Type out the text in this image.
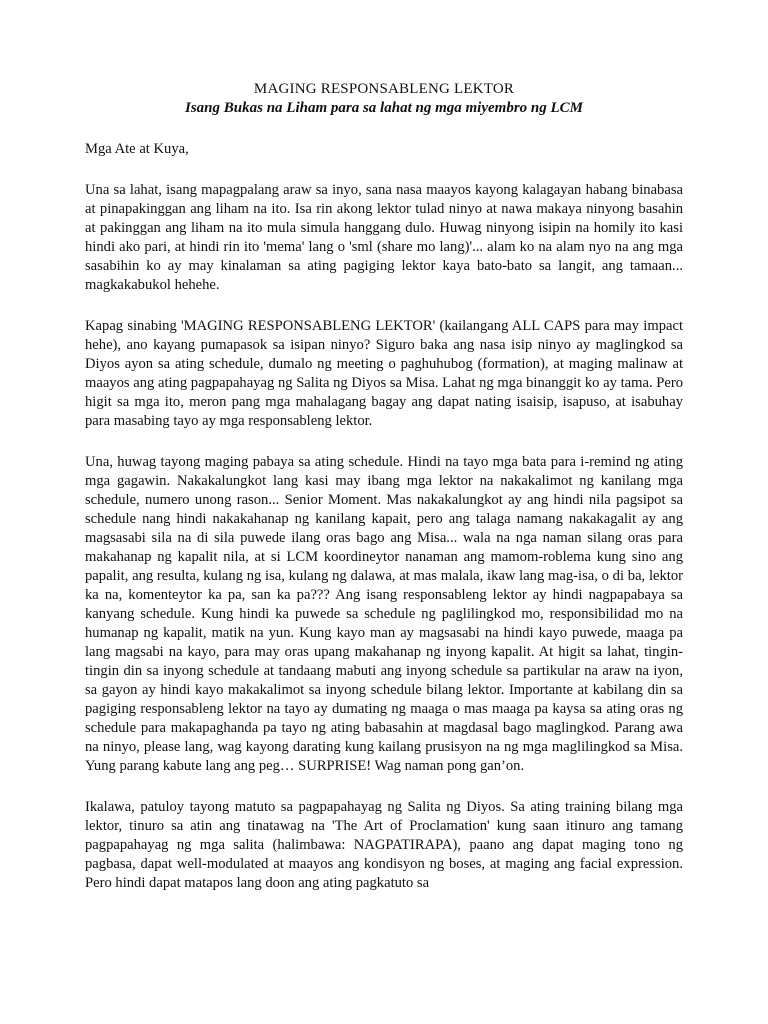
MAGING RESPONSABLENG LEKTOR
Isang Bukas na Liham para sa lahat ng mga miyembro ng LCM

Mga Ate at Kuya,

Una sa lahat, isang mapagpalang araw sa inyo, sana nasa maayos kayong kalagayan habang binabasa at pinapakinggan ang liham na ito. Isa rin akong lektor tulad ninyo at nawa makaya ninyong basahin at pakinggan ang liham na ito mula simula hanggang dulo. Huwag ninyong isipin na homily ito kasi hindi ako pari, at hindi rin ito 'mema' lang o 'sml (share mo lang)'... alam ko na alam nyo na ang mga sasabihin ko ay may kinalaman sa ating pagiging lektor kaya bato-bato sa langit, ang tamaan... magkakabukol hehehe.

Kapag sinabing 'MAGING RESPONSABLENG LEKTOR' (kailangang ALL CAPS para may impact hehe), ano kayang pumapasok sa isipan ninyo? Siguro baka ang nasa isip ninyo ay maglingkod sa Diyos ayon sa ating schedule, dumalo ng meeting o paghuhubog (formation), at maging malinaw at maayos ang ating pagpapahayag ng Salita ng Diyos sa Misa. Lahat ng mga binanggit ko ay tama. Pero higit sa mga ito, meron pang mga mahalagang bagay ang dapat nating isaisip, isapuso, at isabuhay para masabing tayo ay mga responsableng lektor.

Una, huwag tayong maging pabaya sa ating schedule. Hindi na tayo mga bata para i-remind ng ating mga gagawin. Nakakalungkot lang kasi may ibang mga lektor na nakakalimot ng kanilang mga schedule, numero unong rason... Senior Moment. Mas nakakalungkot ay ang hindi nila pagsipot sa schedule nang hindi nakakahanap ng kanilang kapait, pero ang talaga namang nakakagalit ay ang magsasabi sila na di sila puwede ilang oras bago ang Misa... wala na nga naman silang oras para makahanap ng kapalit nila, at si LCM koordineytor nanaman ang mamom-roblema kung sino ang papalit, ang resulta, kulang ng isa, kulang ng dalawa, at mas malala, ikaw lang mag-isa, o di ba, lektor ka na, komenteytor ka pa, san ka pa??? Ang isang responsableng lektor ay hindi nagpapabaya sa kanyang schedule. Kung hindi ka puwede sa schedule ng paglilingkod mo, responsibilidad mo na humanap ng kapalit, matik na yun. Kung kayo man ay magsasabi na hindi kayo puwede, maaga pa lang magsabi na kayo, para may oras upang makahanap ng inyong kapalit. At higit sa lahat, tingin-tingin din sa inyong schedule at tandaang mabuti ang inyong schedule sa partikular na araw na iyon, sa gayon ay hindi kayo makakalimot sa inyong schedule bilang lektor. Importante at kabilang din sa pagiging responsableng lektor na tayo ay dumating ng maaga o mas maaga pa kaysa sa ating oras ng schedule para makapaghanda pa tayo ng ating babasahin at magdasal bago maglingkod. Parang awa na ninyo, please lang, wag kayong darating kung kailang prusisyon na ng mga maglilingkod sa Misa. Yung parang kabute lang ang peg… SURPRISE! Wag naman pong gan’on.

Ikalawa, patuloy tayong matuto sa pagpapahayag ng Salita ng Diyos. Sa ating training bilang mga lektor, tinuro sa atin ang tinatawag na 'The Art of Proclamation' kung saan itinuro ang tamang pagpapahayag ng mga salita (halimbawa: NAGPATIRAPA), paano ang dapat maging tono ng pagbasa, dapat well-modulated at maayos ang kondisyon ng boses, at maging ang facial expression. Pero hindi dapat matapos lang doon ang ating pagkatuto sa
